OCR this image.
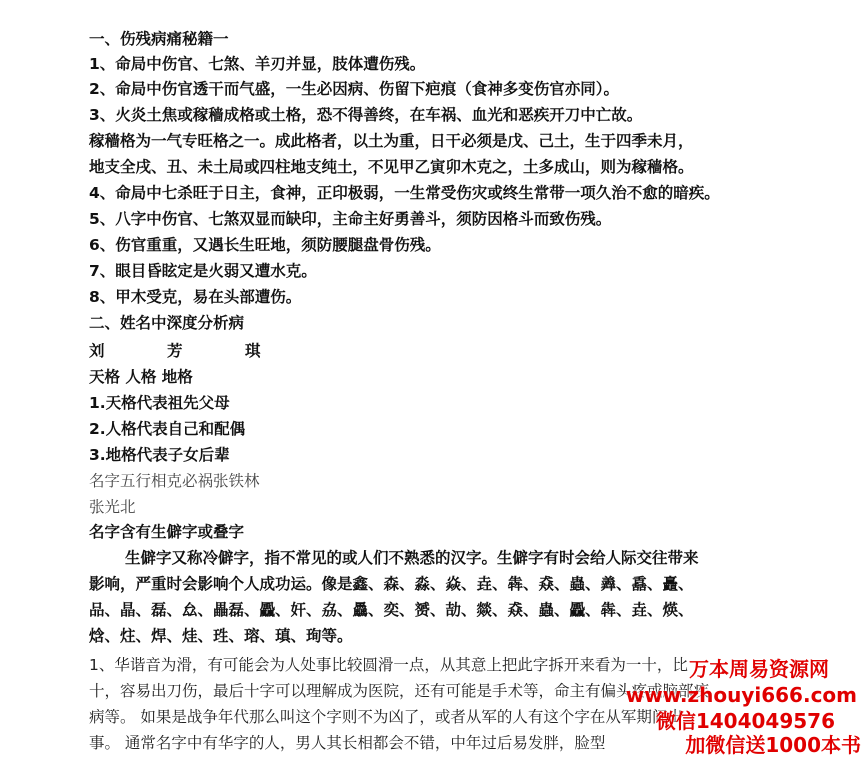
一、伤残病痛秘籍一
1、命局中伤官、七煞、羊刃并显，肢体遭伤残。
2、命局中伤官透干而气盛，一生必因病、伤留下疤痕（食神多变伤官亦同）。
3、火炎土焦或稼穑成格或土格，恐不得善终，在车祸、血光和恶疾开刀中亡故。
稼穑格为一气专旺格之一。成此格者，以土为重，日干必须是戊、己土，生于四季未月，
地支全戌、丑、未土局或四柱地支纯土，不见甲乙寅卯木克之，土多成山，则为稼穑格。
4、命局中七杀旺于日主，食神，正印极弱，一生常受伤灾或终生常带一项久治不愈的暗疾。
5、八字中伤官、七煞双显而缺印，主命主好勇善斗，须防因格斗而致伤残。
6、伤官重重，又遇长生旺地，须防腰腿盘骨伤残。
7、眼目昏眩定是火弱又遭水克。
8、甲木受克，易在头部遭伤。
二、姓名中深度分析病
刘	芳	琪
天格 人格 地格
1.天格代表祖先父母
2.人格代表自己和配偶
3.地格代表子女后辈
名字五行相克必祸张铁林
张光北
名字含有生僻字或叠字
生僻字又称冷僻字，指不常见的或人们不熟悉的汉字。生僻字有时会给人际交往带来
影响，严重时会影响个人成功运。像是鑫、森、淼、焱、垚、犇、猋、蟲、羴、舙、矗、
品、晶、磊、厽、畾磊、飍、奸、劦、驫、奕、赟、劼、燚、猋、蟲、飍、犇、垚、煐、
焓、炷、焊、烓、珄、瑢、瑱、珣等。
1、华谐音为滑，有可能会为人处事比较圆滑一点，从其意上把此字拆开来看为一十，比
十，容易出刀伤，最后十字可以理解成为医院，还有可能是手术等，命主有偏头疼或脑部疾
病等。 如果是战争年代那么叫这个字则不为凶了，或者从军的人有这个字在从军期间出
事。 通常名字中有华字的人，男人其长相都会不错，中年过后易发胖，脸型
万本周易资源网
www.zhouyi666.com
微信1404049576
加微信送1000本书
